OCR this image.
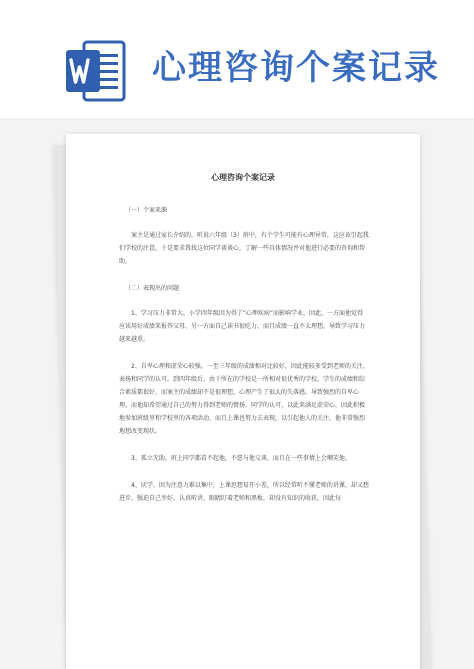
心理咨询个案记录
心理咨询个案记录
（一）个案来源
案主是通过家长介绍的。听说六年级（3）班中，有个学生可能有心理异常，这应该引起我们学校的注意，于是要求我找这位同学谈谈心，了解一些具体情况并对他进行必要的咨询和帮助。
（二）表现出的问题
1、学习压力非常大。小学四年级因为得了“心理疾病”而影响学业，因此，一方面他觉得应该用好成绩来报答父母，另一方面自己读书很吃力，而且成绩一直不太理想，导致学习压力越来越重。
2、自卑心理和虚荣心较强。一至三年级的成绩相对比较好，因此能较多受到老师的关注、表扬和同学的认可。到四年级后，由于所在的学校是一所相对很优秀的学校，学生的成绩和综合素质都很好，而案主的成绩却不是很理想，心理产生了很大的失落感，导致强烈的自卑心理。而他却希望通过自己的努力得到老师的赞扬、同学的认可，以此来满足虚荣心，因此积极地参加班级里和学校里的各项活动，而且上课也努力去表现，以引起他人的关注，他非常强烈地想改变现状。
3、孤立无助。班上同学都看不起他，不愿与他交谈，而且在一些事情上会嘲笑他。
4、厌学。因为注意力难以集中，上课思想易开小差，所以经常听不懂老师的讲课，却又想进步，强迫自己坐好、认真听讲，眼睛盯着老师和黑板，却没有知识的收获，因此每
